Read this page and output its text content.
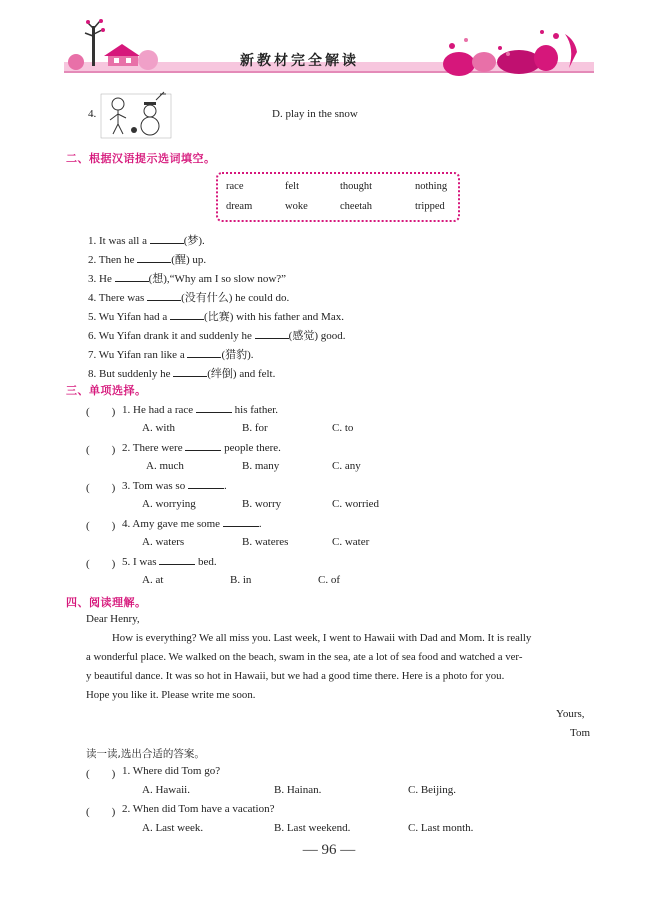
新教材完全解读
4.	D. play in the snow
二、根据汉语提示选词填空。
race	felt	thought	nothing
dream	woke	cheetah	tripped
1. It was all a	(梦).
2. Then he	(醒) up.
3. He	(想),“Why am I so slow now?”
4. There was	(没有什么) he could do.
5. Wu Yifan had a	(比赛) with his father and Max.
6. Wu Yifan drank it and suddenly he	(感觉) good.
7. Wu Yifan ran like a	(猎豹).
8. But suddenly he	(绊倒) and felt.
三、单项选择。
(　　) 1. He had a race	his father.
A. with	B. for	C. to
(　　) 2. There were	people there.
A. much	B. many	C. any
(　　) 3. Tom was so	.
A. worrying	B. worry	C. worried
(　　) 4. Amy gave me some	.
A. waters	B. wateres	C. water
(　　) 5. I was	bed.
A. at	B. in	C. of
四、阅读理解。
Dear Henry,
How is everything? We all miss you. Last week, I went to Hawaii with Dad and Mom. It is really
a wonderful place. We walked on the beach, swam in the sea, ate a lot of sea food and watched a ver-
y beautiful dance. It was so hot in Hawaii, but we had a good time there. Here is a photo for you.
Hope you like it. Please write me soon.
Yours,
Tom
读一读,选出合适的答案。
(　　) 1. Where did Tom go?
A. Hawaii.	B. Hainan.	C. Beijing.
(　　) 2. When did Tom have a vacation?
A. Last week.	B. Last weekend.	C. Last month.
— 96 —
